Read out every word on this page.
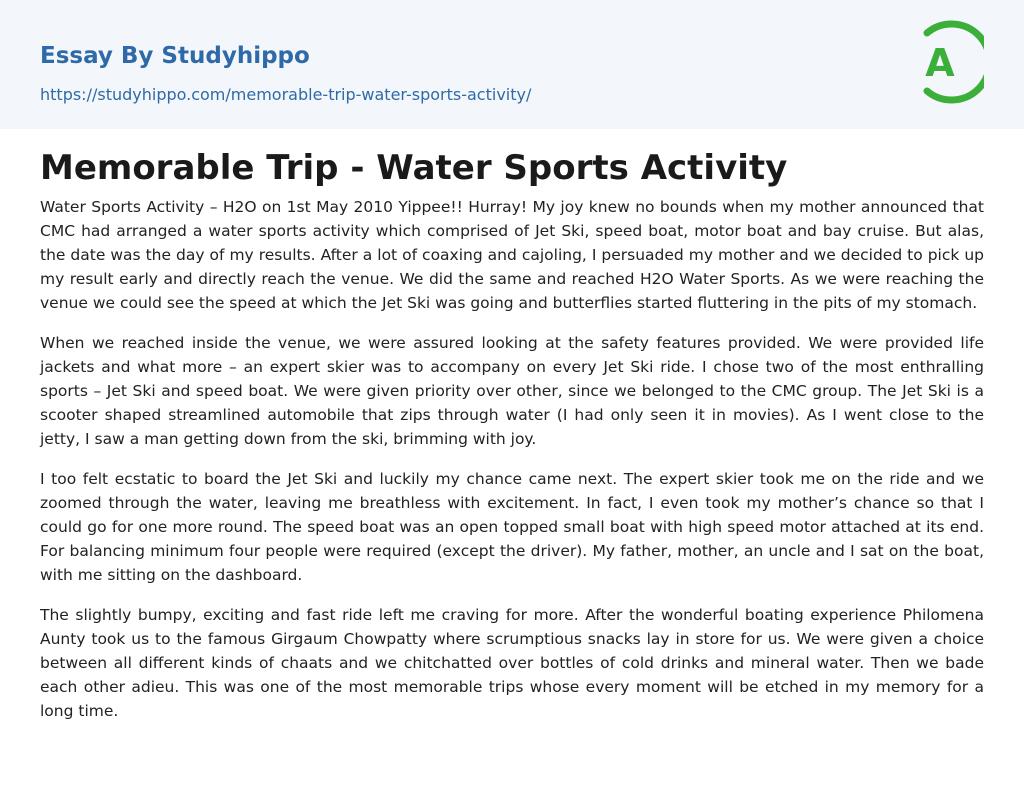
Essay By Studyhippo
https://studyhippo.com/memorable-trip-water-sports-activity/
A
Memorable Trip - Water Sports Activity

Water Sports Activity – H2O on 1st May 2010 Yippee!! Hurray! My joy knew no bounds when my mother announced that CMC had arranged a water sports activity which comprised of Jet Ski, speed boat, motor boat and bay cruise. But alas, the date was the day of my results. After a lot of coaxing and cajoling, I persuaded my mother and we decided to pick up my result early and directly reach the venue. We did the same and reached H2O Water Sports. As we were reaching the venue we could see the speed at which the Jet Ski was going and butterflies started fluttering in the pits of my stomach.

When we reached inside the venue, we were assured looking at the safety features provided. We were provided life jackets and what more – an expert skier was to accompany on every Jet Ski ride. I chose two of the most enthralling sports – Jet Ski and speed boat. We were given priority over other, since we belonged to the CMC group. The Jet Ski is a scooter shaped streamlined automobile that zips through water (I had only seen it in movies). As I went close to the jetty, I saw a man getting down from the ski, brimming with joy.

I too felt ecstatic to board the Jet Ski and luckily my chance came next. The expert skier took me on the ride and we zoomed through the water, leaving me breathless with excitement. In fact, I even took my mother’s chance so that I could go for one more round. The speed boat was an open topped small boat with high speed motor attached at its end. For balancing minimum four people were required (except the driver). My father, mother, an uncle and I sat on the boat, with me sitting on the dashboard.

The slightly bumpy, exciting and fast ride left me craving for more. After the wonderful boating experience Philomena Aunty took us to the famous Girgaum Chowpatty where scrumptious snacks lay in store for us. We were given a choice between all different kinds of chaats and we chitchatted over bottles of cold drinks and mineral water. Then we bade each other adieu. This was one of the most memorable trips whose every moment will be etched in my memory for a long time.
